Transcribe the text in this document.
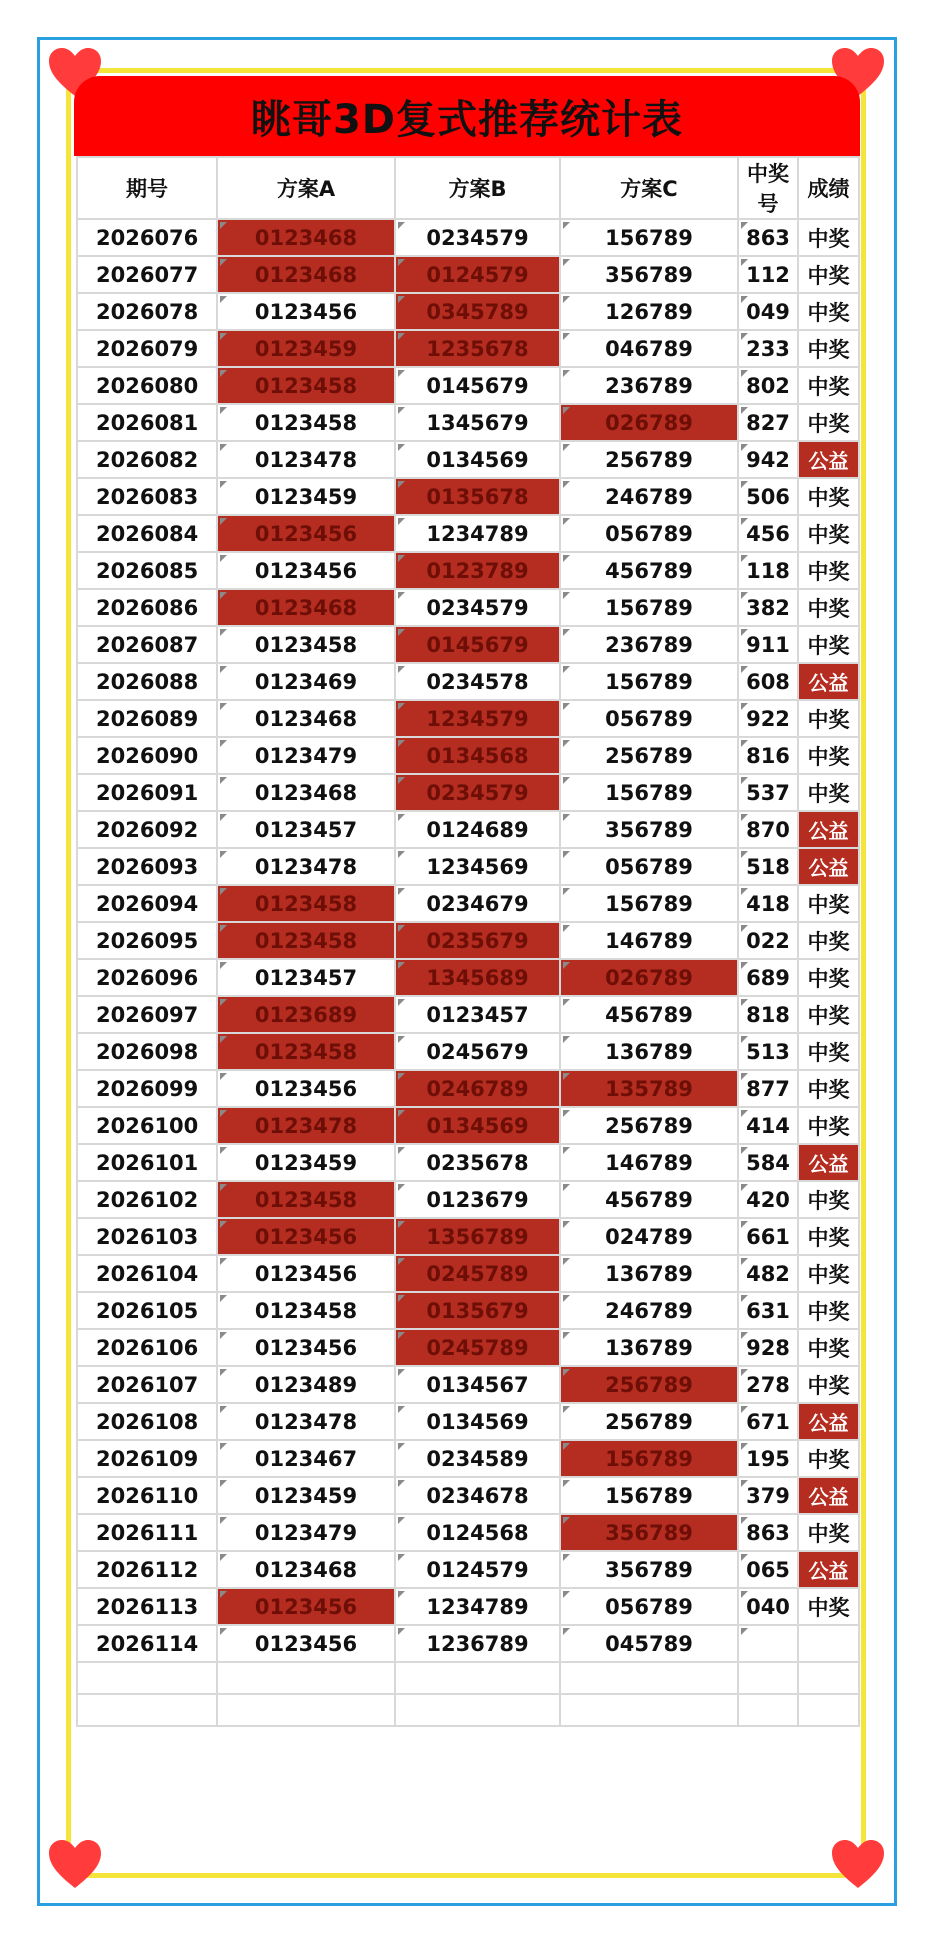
眺哥3D复式推荐统计表
期号	方案A	方案B	方案C	中奖号	成绩
2026076	0123468	0234579	156789	863	中奖
2026077	0123468	0124579	356789	112	中奖
2026078	0123456	0345789	126789	049	中奖
2026079	0123459	1235678	046789	233	中奖
2026080	0123458	0145679	236789	802	中奖
2026081	0123458	1345679	026789	827	中奖
2026082	0123478	0134569	256789	942	公益
2026083	0123459	0135678	246789	506	中奖
2026084	0123456	1234789	056789	456	中奖
2026085	0123456	0123789	456789	118	中奖
2026086	0123468	0234579	156789	382	中奖
2026087	0123458	0145679	236789	911	中奖
2026088	0123469	0234578	156789	608	公益
2026089	0123468	1234579	056789	922	中奖
2026090	0123479	0134568	256789	816	中奖
2026091	0123468	0234579	156789	537	中奖
2026092	0123457	0124689	356789	870	公益
2026093	0123478	1234569	056789	518	公益
2026094	0123458	0234679	156789	418	中奖
2026095	0123458	0235679	146789	022	中奖
2026096	0123457	1345689	026789	689	中奖
2026097	0123689	0123457	456789	818	中奖
2026098	0123458	0245679	136789	513	中奖
2026099	0123456	0246789	135789	877	中奖
2026100	0123478	0134569	256789	414	中奖
2026101	0123459	0235678	146789	584	公益
2026102	0123458	0123679	456789	420	中奖
2026103	0123456	1356789	024789	661	中奖
2026104	0123456	0245789	136789	482	中奖
2026105	0123458	0135679	246789	631	中奖
2026106	0123456	0245789	136789	928	中奖
2026107	0123489	0134567	256789	278	中奖
2026108	0123478	0134569	256789	671	公益
2026109	0123467	0234589	156789	195	中奖
2026110	0123459	0234678	156789	379	公益
2026111	0123479	0124568	356789	863	中奖
2026112	0123468	0124579	356789	065	公益
2026113	0123456	1234789	056789	040	中奖
2026114	0123456	1236789	045789		
